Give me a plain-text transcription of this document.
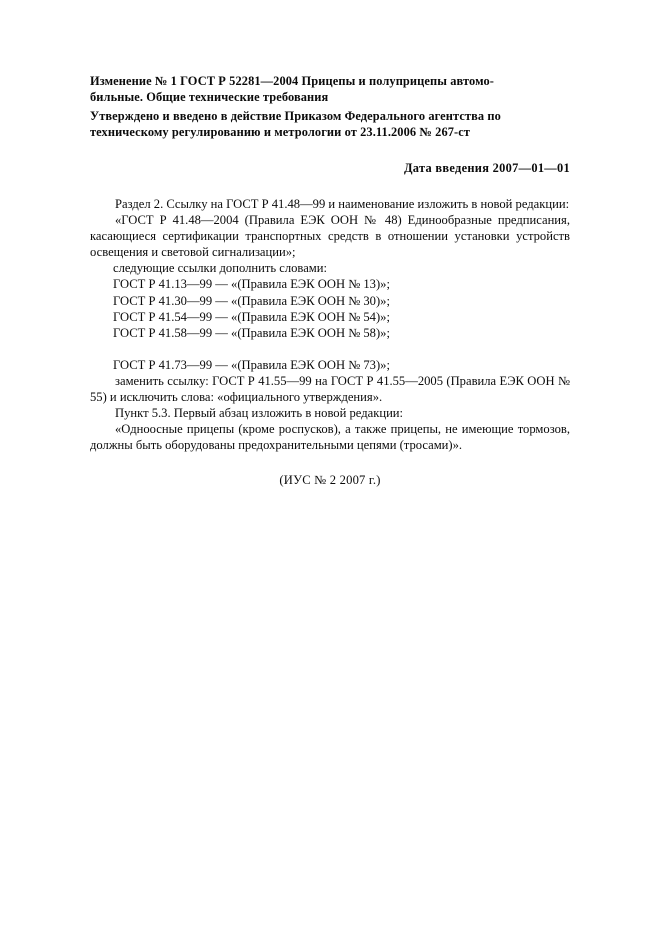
Изменение № 1 ГОСТ Р 52281—2004 Прицепы и полуприцепы автомо-
бильные. Общие технические требования
Утверждено и введено в действие Приказом Федерального агентства по
техническому регулированию и метрологии от 23.11.2006 № 267-ст
Дата введения 2007—01—01

Раздел 2. Ссылку на ГОСТ Р 41.48—99 и наименование изложить в новой редакции:

«ГОСТ Р 41.48—2004 (Правила ЕЭК ООН № 48) Единообразные предписания, касающиеся сертификации транспортных средств в отношении установки устройств освещения и световой сигнализации»;

следующие ссылки дополнить словами:

ГОСТ Р 41.13—99 — «(Правила ЕЭК ООН № 13)»;
ГОСТ Р 41.30—99 — «(Правила ЕЭК ООН № 30)»;
ГОСТ Р 41.54—99 — «(Правила ЕЭК ООН № 54)»;
ГОСТ Р 41.58—99 — «(Правила ЕЭК ООН № 58)»;

ГОСТ Р 41.73—99 — «(Правила ЕЭК ООН № 73)»;

заменить ссылку: ГОСТ Р 41.55—99 на ГОСТ Р 41.55—2005 (Правила ЕЭК ООН № 55) и исключить слова: «официального утверждения».

Пункт 5.3. Первый абзац изложить в новой редакции:

«Одноосные прицепы (кроме роспусков), а также прицепы, не имеющие тормозов, должны быть оборудованы предохранительными цепями (тросами)».

(ИУС № 2 2007 г.)
